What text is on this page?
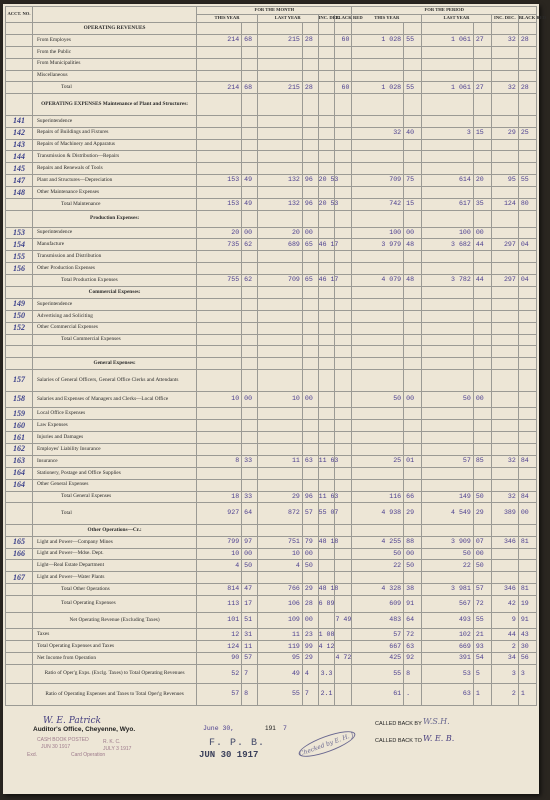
ACCT. NO.		FOR THE MONTH						FOR THE PERIOD					
		THIS YEAR		LAST YEAR		INC. DEC.	BLACK RED	THIS YEAR		LAST YEAR		INC. DEC.	BLACK RED
	OPERATING REVENUES												
	From Employes	214	68	215	28		60	1 028	55	1 061	27	32	28
	From the Public												
	From Municipalities												
	Miscellaneous												
	Total	214	68	215	28		60	1 028	55	1 061	27	32	28
	OPERATING EXPENSES Maintenance of Plant and Structures:												
141	Superintendence												
142	Repairs of Buildings and Fixtures							32	40	3	15	29	25
143	Repairs of Machinery and Apparatus												
144	Transmission & Distribution—Repairs												
145	Repairs and Renewals of Tools												
147	Plant and Structures—Depreciation	153	49	132	96	20 53		709	75	614	20	95	55
148	Other Maintenance Expenses												
	Total Maintenance	153	49	132	96	20 53		742	15	617	35	124	80
	Production Expenses:												
153	Superintendence	20	00	20	00			100	00	100	00		
154	Manufacture	735	62	689	65	46 17		3 979	48	3 682	44	297	04
155	Transmission and Distribution												
156	Other Production Expenses												
	Total Production Expenses	755	62	709	65	46 17		4 079	48	3 782	44	297	04
	Commercial Expenses:												
149	Superintendence												
150	Advertising and Soliciting												
152	Other Commercial Expenses												
	Total Commercial Expenses												

	General Expenses:												
157	Salaries of General Officers, General Office Clerks and Attendants												
158	Salaries and Expenses of Managers and Clerks—Local Office	10	00	10	00			50	00	50	00		
159	Local Office Expenses												
160	Law Expenses												
161	Injuries and Damages												
162	Employes' Liability Insurance												
163	Insurance	8	33	11	63	11 63		25	01	57	85	32	84
164	Stationery, Postage and Office Supplies												
164	Other General Expenses												
	Total General Expenses	18	33	29	96	11 63		116	66	149	50	32	84
	Total	927	64	872	57	55 07		4 938	29	4 549	29	389	00
	Other Operations—Cr.:												
165	Light and Power—Company Mines	799	97	751	79	48 18		4 255	88	3 909	07	346	81
166	Light and Power—Mdse. Dept.	10	00	10	00			50	00	50	00		
	Light—Real Estate Department	4	50	4	50			22	50	22	50		
167	Light and Power—Water Plants												
	Total Other Operations	814	47	766	29	48 18		4 328	38	3 981	57	346	81
	Total Operating Expenses	113	17	106	28	6 89		609	91	567	72	42	19
	Net Operating Revenue (Excluding Taxes)	101	51	109	00		7 49	483	64	493	55	9	91
	Taxes	12	31	11	23	1 08		57	72	102	21	44	43
	Total Operating Expenses and Taxes	124	11	119	99	4 12		667	63	669	93	2	30
	Net Income from Operation	90	57	95	29		4 72	425	92	391	54	34	56
	Ratio of Oper'g Exps. (Exclg. Taxes) to Total Operating Revenues	52	7	49	4	3.3		55	8	53	5	3	3
	Ratio of Operating Expenses and Taxes to Total Oper'g Revenues	57	8	55	7	2.1		61	.	63	1	2	1
W. E. Patrick
Auditor's Office, Cheyenne, Wyo.	June 30,	191 7
CALLED BACK BY W.S.H.
CALLED BACK TO W. E. B.
CASH BOOK POSTED
JUN 30 1917
R. K. C.
JULY 3 1917
Exd.	Card Operation
F. P. B.
JUN 30 1917	Checked by E. H. J.
